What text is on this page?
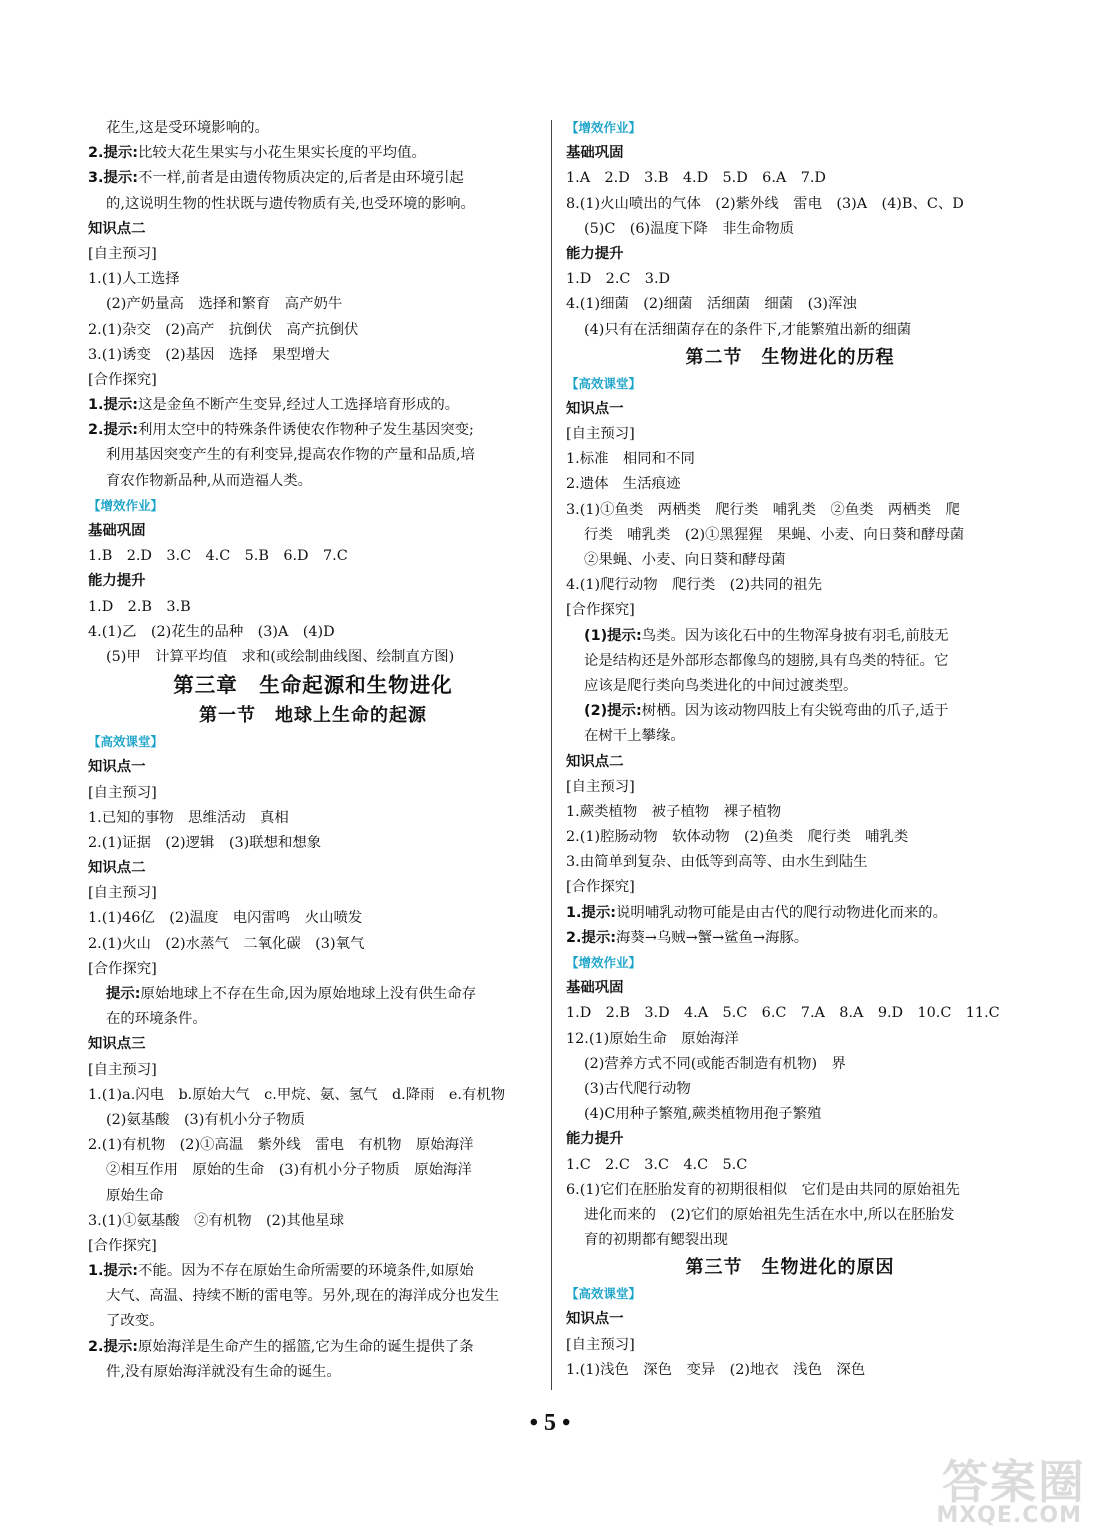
花生,这是受环境影响的。
2.提示:比较大花生果实与小花生果实长度的平均值。
3.提示:不一样,前者是由遗传物质决定的,后者是由环境引起
的,这说明生物的性状既与遗传物质有关,也受环境的影响。
知识点二
[自主预习]
1.(1)人工选择
(2)产奶量高　选择和繁育　高产奶牛
2.(1)杂交　(2)高产　抗倒伏　高产抗倒伏
3.(1)诱变　(2)基因　选择　果型增大
[合作探究]
1.提示:这是金鱼不断产生变异,经过人工选择培育形成的。
2.提示:利用太空中的特殊条件诱使农作物种子发生基因突变;
利用基因突变产生的有利变异,提高农作物的产量和品质,培
育农作物新品种,从而造福人类。
【增效作业】
基础巩固
1.B　2.D　3.C　4.C　5.B　6.D　7.C
能力提升
1.D　2.B　3.B
4.(1)乙　(2)花生的品种　(3)A　(4)D
(5)甲　计算平均值　求和(或绘制曲线图、绘制直方图)
第三章　生命起源和生物进化
第一节　地球上生命的起源
【高效课堂】
知识点一
[自主预习]
1.已知的事物　思维活动　真相
2.(1)证据　(2)逻辑　(3)联想和想象
知识点二
[自主预习]
1.(1)46亿　(2)温度　电闪雷鸣　火山喷发
2.(1)火山　(2)水蒸气　二氧化碳　(3)氧气
[合作探究]
提示:原始地球上不存在生命,因为原始地球上没有供生命存
在的环境条件。
知识点三
[自主预习]
1.(1)a.闪电　b.原始大气　c.甲烷、氨、氢气　d.降雨　e.有机物
(2)氨基酸　(3)有机小分子物质
2.(1)有机物　(2)①高温　紫外线　雷电　有机物　原始海洋
②相互作用　原始的生命　(3)有机小分子物质　原始海洋
原始生命
3.(1)①氨基酸　②有机物　(2)其他星球
[合作探究]
1.提示:不能。因为不存在原始生命所需要的环境条件,如原始
大气、高温、持续不断的雷电等。另外,现在的海洋成分也发生
了改变。
2.提示:原始海洋是生命产生的摇篮,它为生命的诞生提供了条
件,没有原始海洋就没有生命的诞生。
【增效作业】
基础巩固
1.A　2.D　3.B　4.D　5.D　6.A　7.D
8.(1)火山喷出的气体　(2)紫外线　雷电　(3)A　(4)B、C、D
(5)C　(6)温度下降　非生命物质
能力提升
1.D　2.C　3.D
4.(1)细菌　(2)细菌　活细菌　细菌　(3)浑浊
(4)只有在活细菌存在的条件下,才能繁殖出新的细菌
第二节　生物进化的历程
【高效课堂】
知识点一
[自主预习]
1.标准　相同和不同
2.遗体　生活痕迹
3.(1)①鱼类　两栖类　爬行类　哺乳类　②鱼类　两栖类　爬
行类　哺乳类　(2)①黑猩猩　果蝇、小麦、向日葵和酵母菌
②果蝇、小麦、向日葵和酵母菌
4.(1)爬行动物　爬行类　(2)共同的祖先
[合作探究]
(1)提示:鸟类。因为该化石中的生物浑身披有羽毛,前肢无
论是结构还是外部形态都像鸟的翅膀,具有鸟类的特征。它
应该是爬行类向鸟类进化的中间过渡类型。
(2)提示:树栖。因为该动物四肢上有尖锐弯曲的爪子,适于
在树干上攀缘。
知识点二
[自主预习]
1.蕨类植物　被子植物　裸子植物
2.(1)腔肠动物　软体动物　(2)鱼类　爬行类　哺乳类
3.由简单到复杂、由低等到高等、由水生到陆生
[合作探究]
1.提示:说明哺乳动物可能是由古代的爬行动物进化而来的。
2.提示:海葵→乌贼→蟹→鲨鱼→海豚。
【增效作业】
基础巩固
1.D　2.B　3.D　4.A　5.C　6.C　7.A　8.A　9.D　10.C　11.C
12.(1)原始生命　原始海洋
(2)营养方式不同(或能否制造有机物)　界
(3)古代爬行动物
(4)C用种子繁殖,蕨类植物用孢子繁殖
能力提升
1.C　2.C　3.C　4.C　5.C
6.(1)它们在胚胎发育的初期很相似　它们是由共同的原始祖先
进化而来的　(2)它们的原始祖先生活在水中,所以在胚胎发
育的初期都有鳃裂出现
第三节　生物进化的原因
【高效课堂】
知识点一
[自主预习]
1.(1)浅色　深色　变异　(2)地衣　浅色　深色
• 5 •
答案圈
MXQE.COM
